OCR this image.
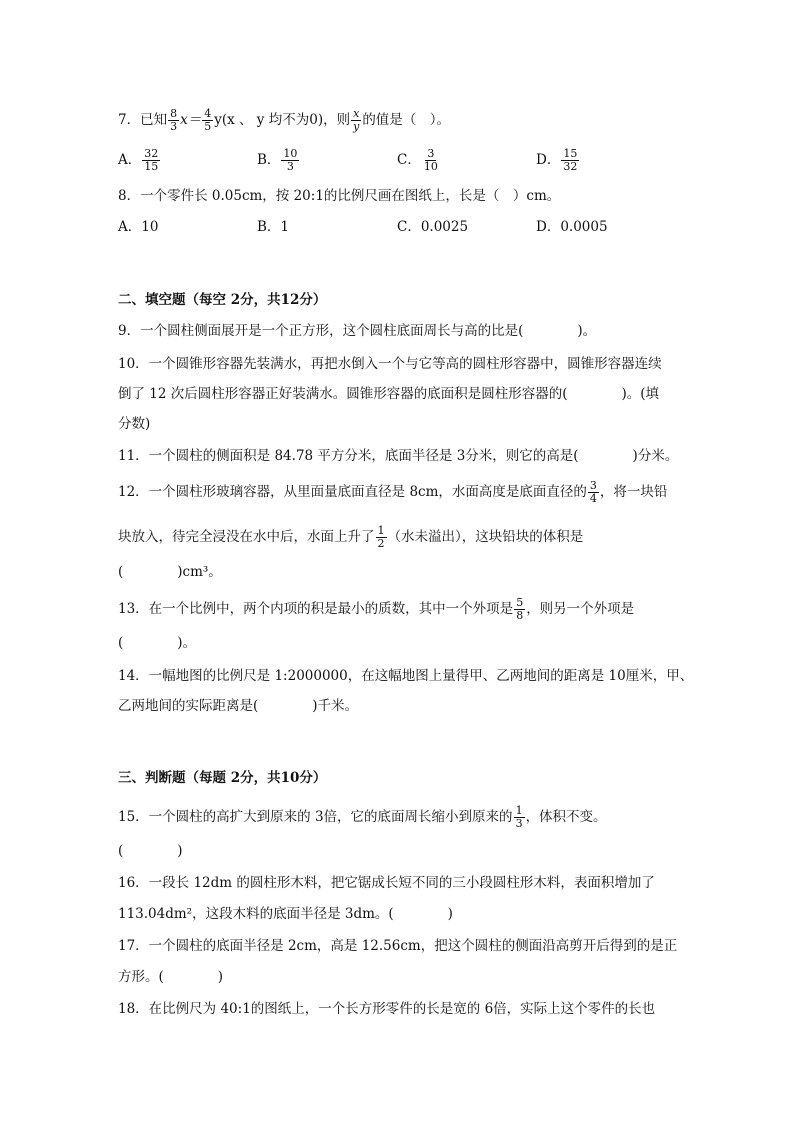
7．已知 $\frac{8}{3} x= \frac{4}{5} y(x$ 、 y 均不为0)，则 $\frac{x}{y}$ 的值是（　）。
A． $\frac{32}{15}$	B． $\frac{10}{3}$	C． $\frac{3}{10}$	D． $\frac{15}{32}$
8．一个零件长 0.05cm，按 20:1的比例尺画在图纸上，长是（　）cm。
A．10	B．1	C．0.0025	D．0.0005
二、填空题（每空 2分，共12分）
9．一个圆柱侧面展开是一个正方形，这个圆柱底面周长与高的比是(　　　　)。
10．一个圆锥形容器先装满水，再把水倒入一个与它等高的圆柱形容器中，圆锥形容器连续
倒了 12 次后圆柱形容器正好装满水。圆锥形容器的底面积是圆柱形容器的(　　　　)。(填
分数)
11．一个圆柱的侧面积是 84.78 平方分米，底面半径是 3分米，则它的高是(　　　　)分米。
12．一个圆柱形玻璃容器，从里面量底面直径是 8cm，水面高度是底面直径的 $\frac{3}{4}$ ，将一块铅
块放入，待完全浸没在水中后，水面上升了 $\frac{1}{2}$ （水未溢出），这块铅块的体积是
(　　　　)cm³。
13．在一个比例中，两个内项的积是最小的质数，其中一个外项是 $\frac{5}{8}$ ，则另一个外项是
(　　　　)。
14．一幅地图的比例尺是 1:2000000，在这幅地图上量得甲、乙两地间的距离是 10厘米，甲、
乙两地间的实际距离是(　　　　)千米。
三、判断题（每题 2分，共10分）
15．一个圆柱的高扩大到原来的 3倍，它的底面周长缩小到原来的 $\frac{1}{3}$ ，体积不变。
(　　　　)
16．一段长 12dm 的圆柱形木料，把它锯成长短不同的三小段圆柱形木料，表面积增加了
113.04dm²，这段木料的底面半径是 3dm。(　　　　)
17．一个圆柱的底面半径是 2cm，高是 12.56cm，把这个圆柱的侧面沿高剪开后得到的是正
方形。(　　　　)
18．在比例尺为 40:1的图纸上，一个长方形零件的长是宽的 6倍，实际上这个零件的长也
